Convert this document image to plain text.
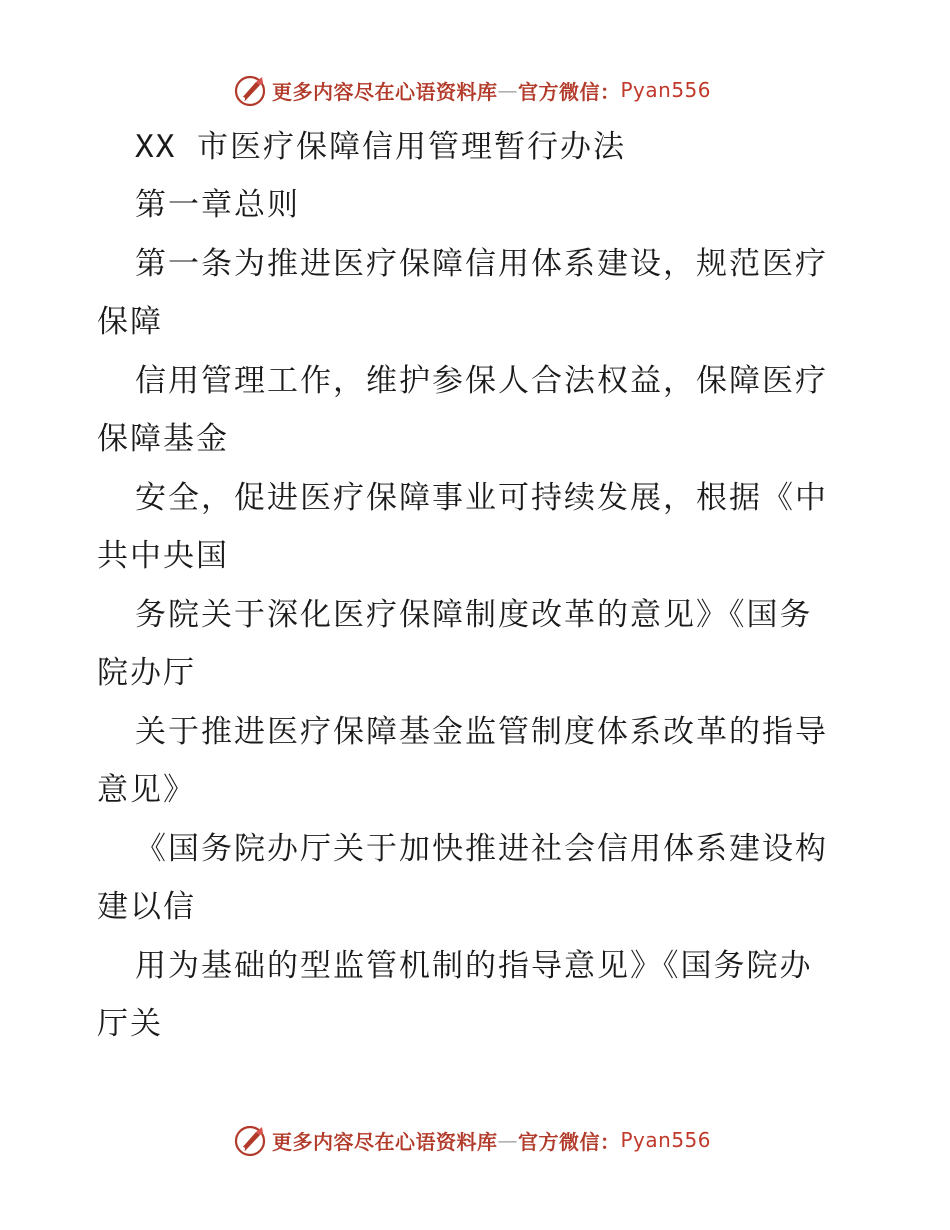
更多内容尽在心语资料库 — 官方微信： Pyan556
XX 市医疗保障信用管理暂行办法
第一章总则
第一条为推进医疗保障信用体系建设，规范医疗
保障
信用管理工作，维护参保人合法权益，保障医疗
保障基金
安全，促进医疗保障事业可持续发展，根据《中
共中央国
务院关于深化医疗保障制度改革的意见》《国务
院办厅
关于推进医疗保障基金监管制度体系改革的指导
意见》
《国务院办厅关于加快推进社会信用体系建设构
建以信
用为基础的型监管机制的指导意见》《国务院办
厅关
更多内容尽在心语资料库 — 官方微信： Pyan556
